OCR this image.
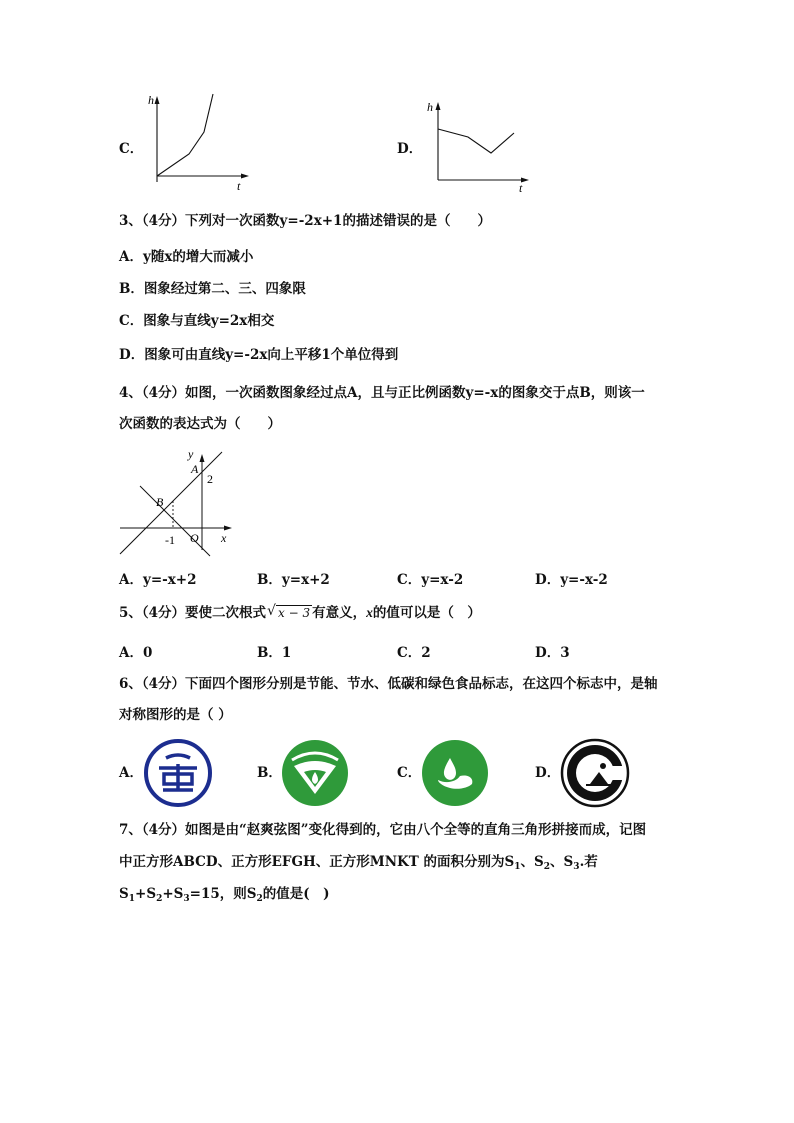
C．
h
t
D．
h
t
3、（4分）下列对一次函数y=-2x+1的描述错误的是（　　）
A．y随x的增大而减小
B．图象经过第二、三、四象限
C．图象与直线y=2x相交
D．图象可由直线y=-2x向上平移1个单位得到
4、（4分）如图，一次函数图象经过点A，且与正比例函数y=-x的图象交于点B，则该一
次函数的表达式为（　　）
y
A
2
B
-1 O x
A．y=-x+2	B．y=x+2	C．y=x-2	D．y=-x-2
5、（4分）要使二次根式 √ x − 3 有意义，x的值可以是（　）
A．0	B．1	C．2	D．3
6、（4分）下面四个图形分别是节能、节水、低碳和绿色食品标志，在这四个标志中，是轴
对称图形的是（ ）
A．	B．	C．	D．
7、（4分）如图是由“赵爽弦图”变化得到的，它由八个全等的直角三角形拼接而成，记图
中正方形ABCD、正方形EFGH、正方形MNKT 的面积分别为$S_1$、$S_2$、$S_3$.若
$S_1+S_2+S_3=15$，则$S_2$的值是(　)
